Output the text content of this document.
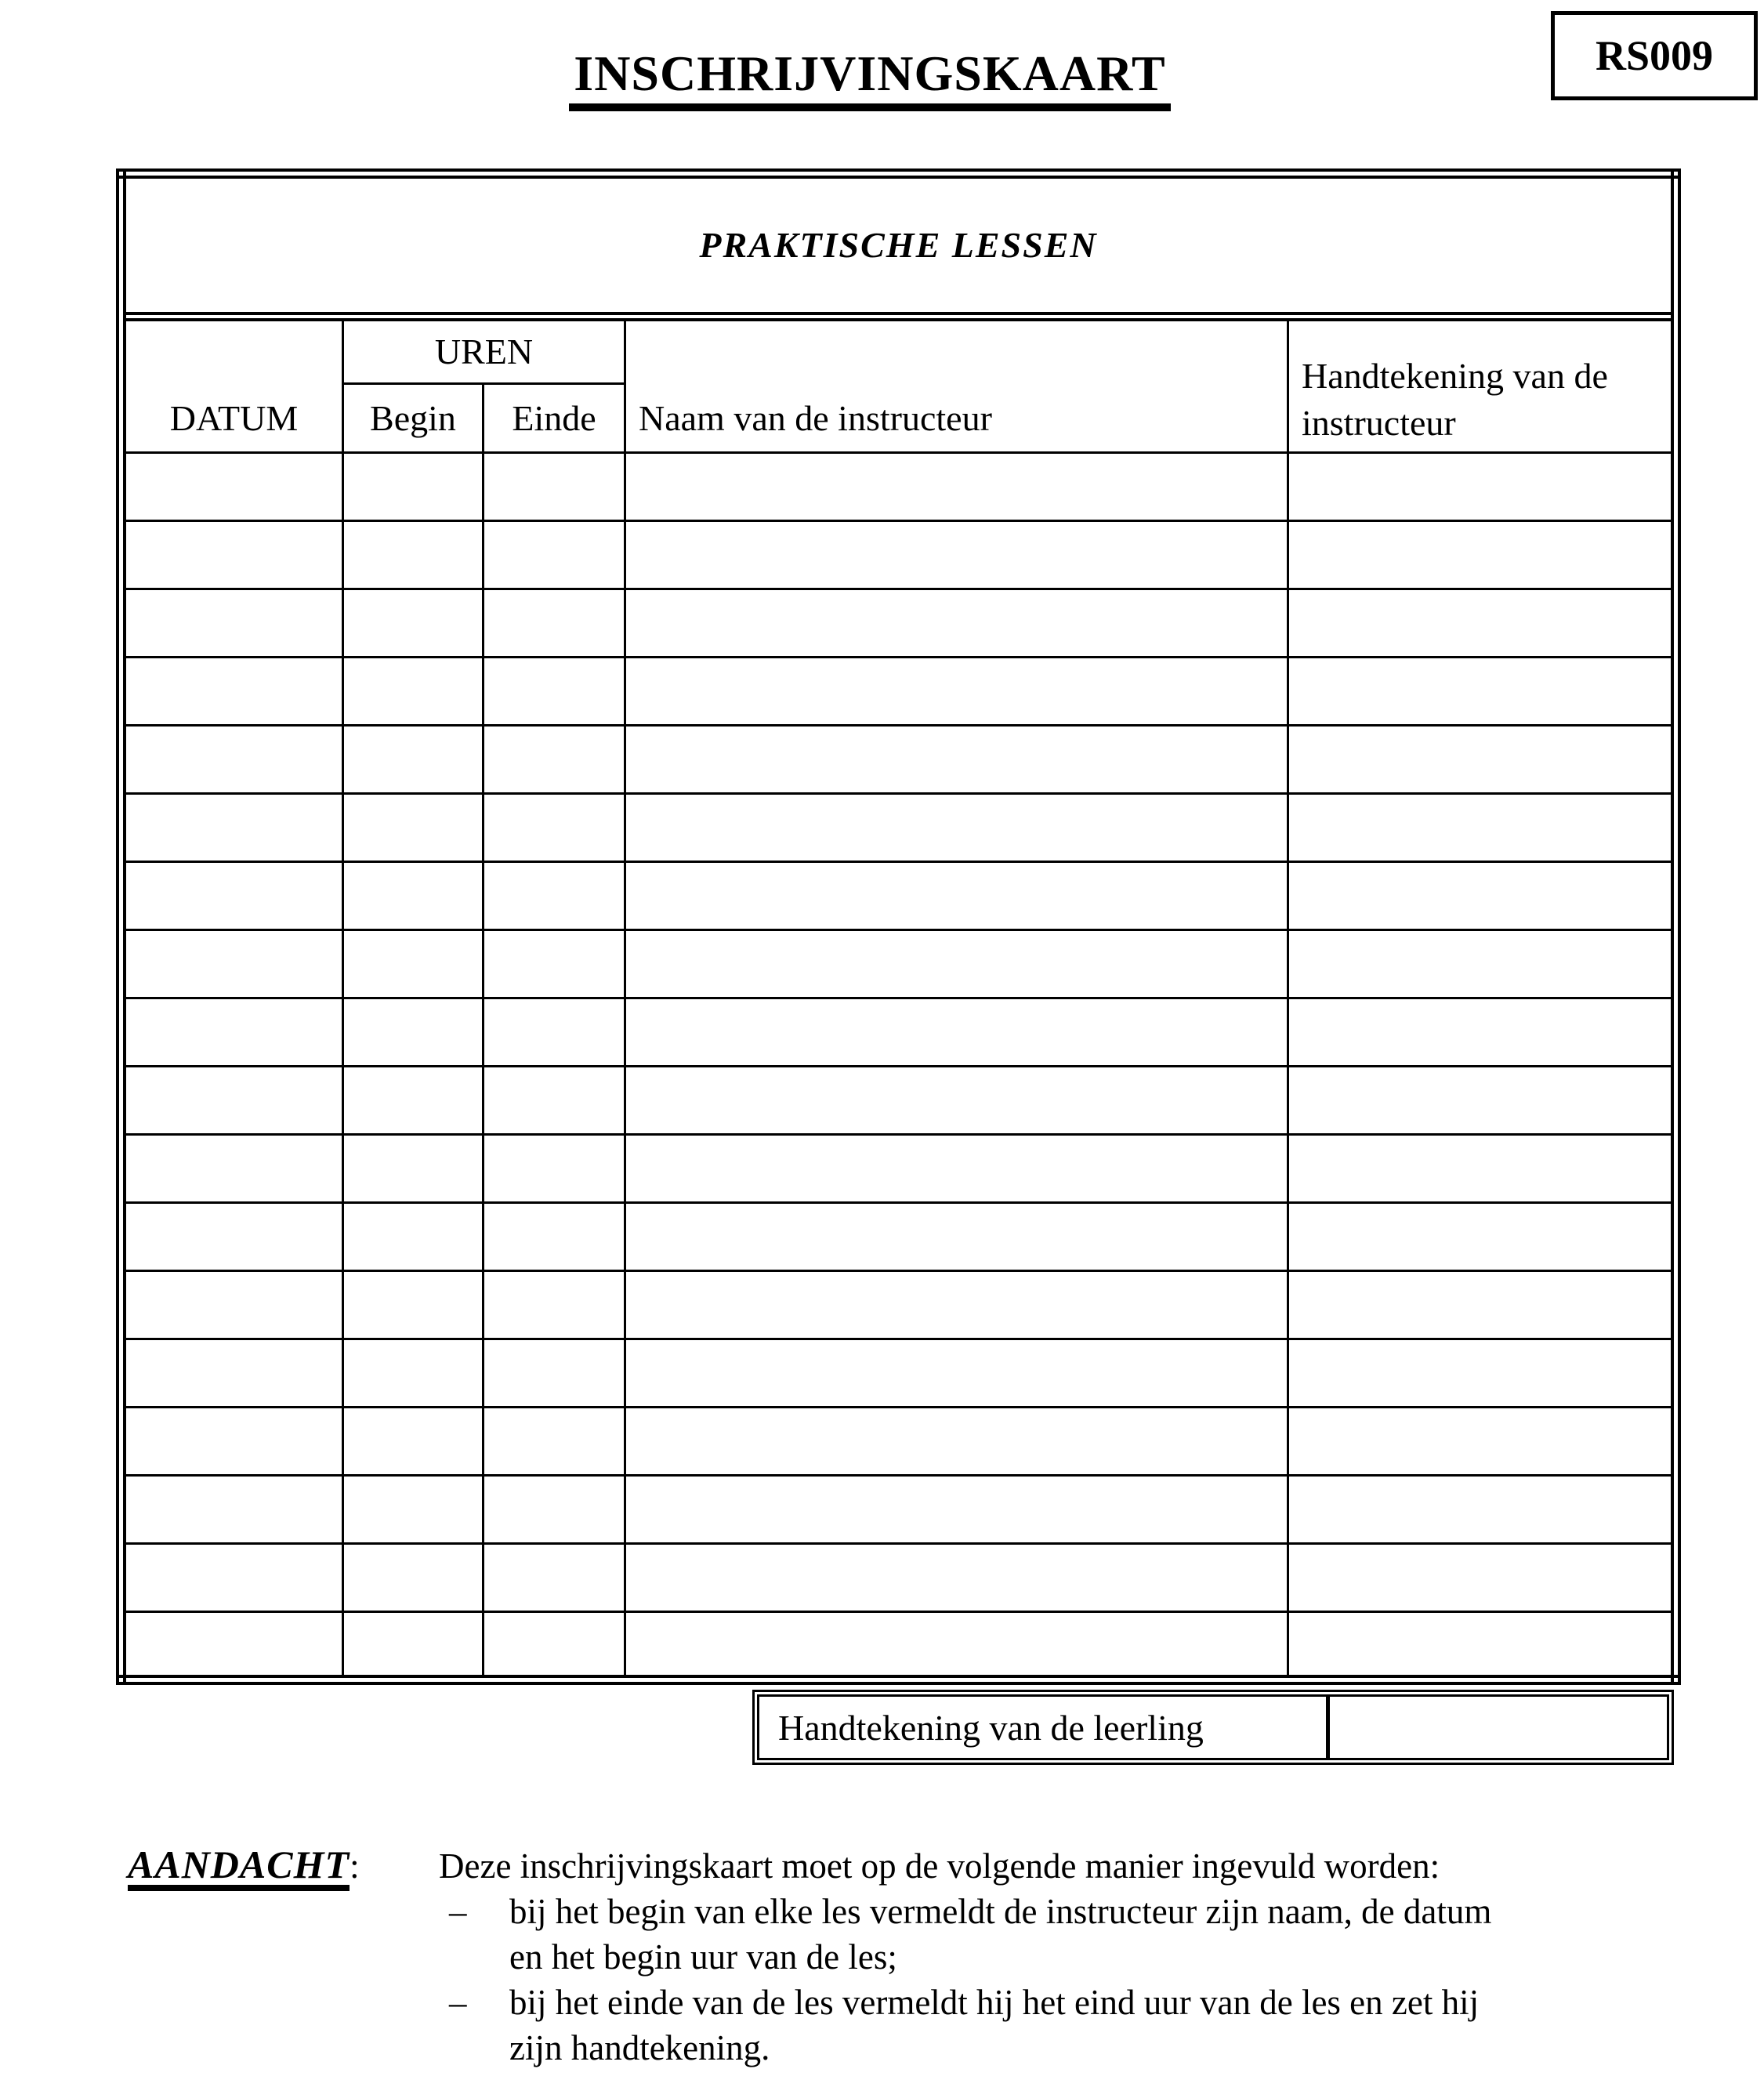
INSCHRIJVINGSKAART	RS009
PRAKTISCHE LESSEN				
DATUM	UREN		Naam van de instructeur	Handtekening van de instructeur
	Begin	Einde		

Handtekening van de leerling
AANDACHT:	Deze inschrijvingskaart moet op de volgende manier ingevuld worden:

–	bij het begin van elke les vermeldt de instructeur zijn naam, de datum
en het begin uur van de les;
–	bij het einde van de les vermeldt hij het eind uur van de les en zet hij
zijn handtekening.
